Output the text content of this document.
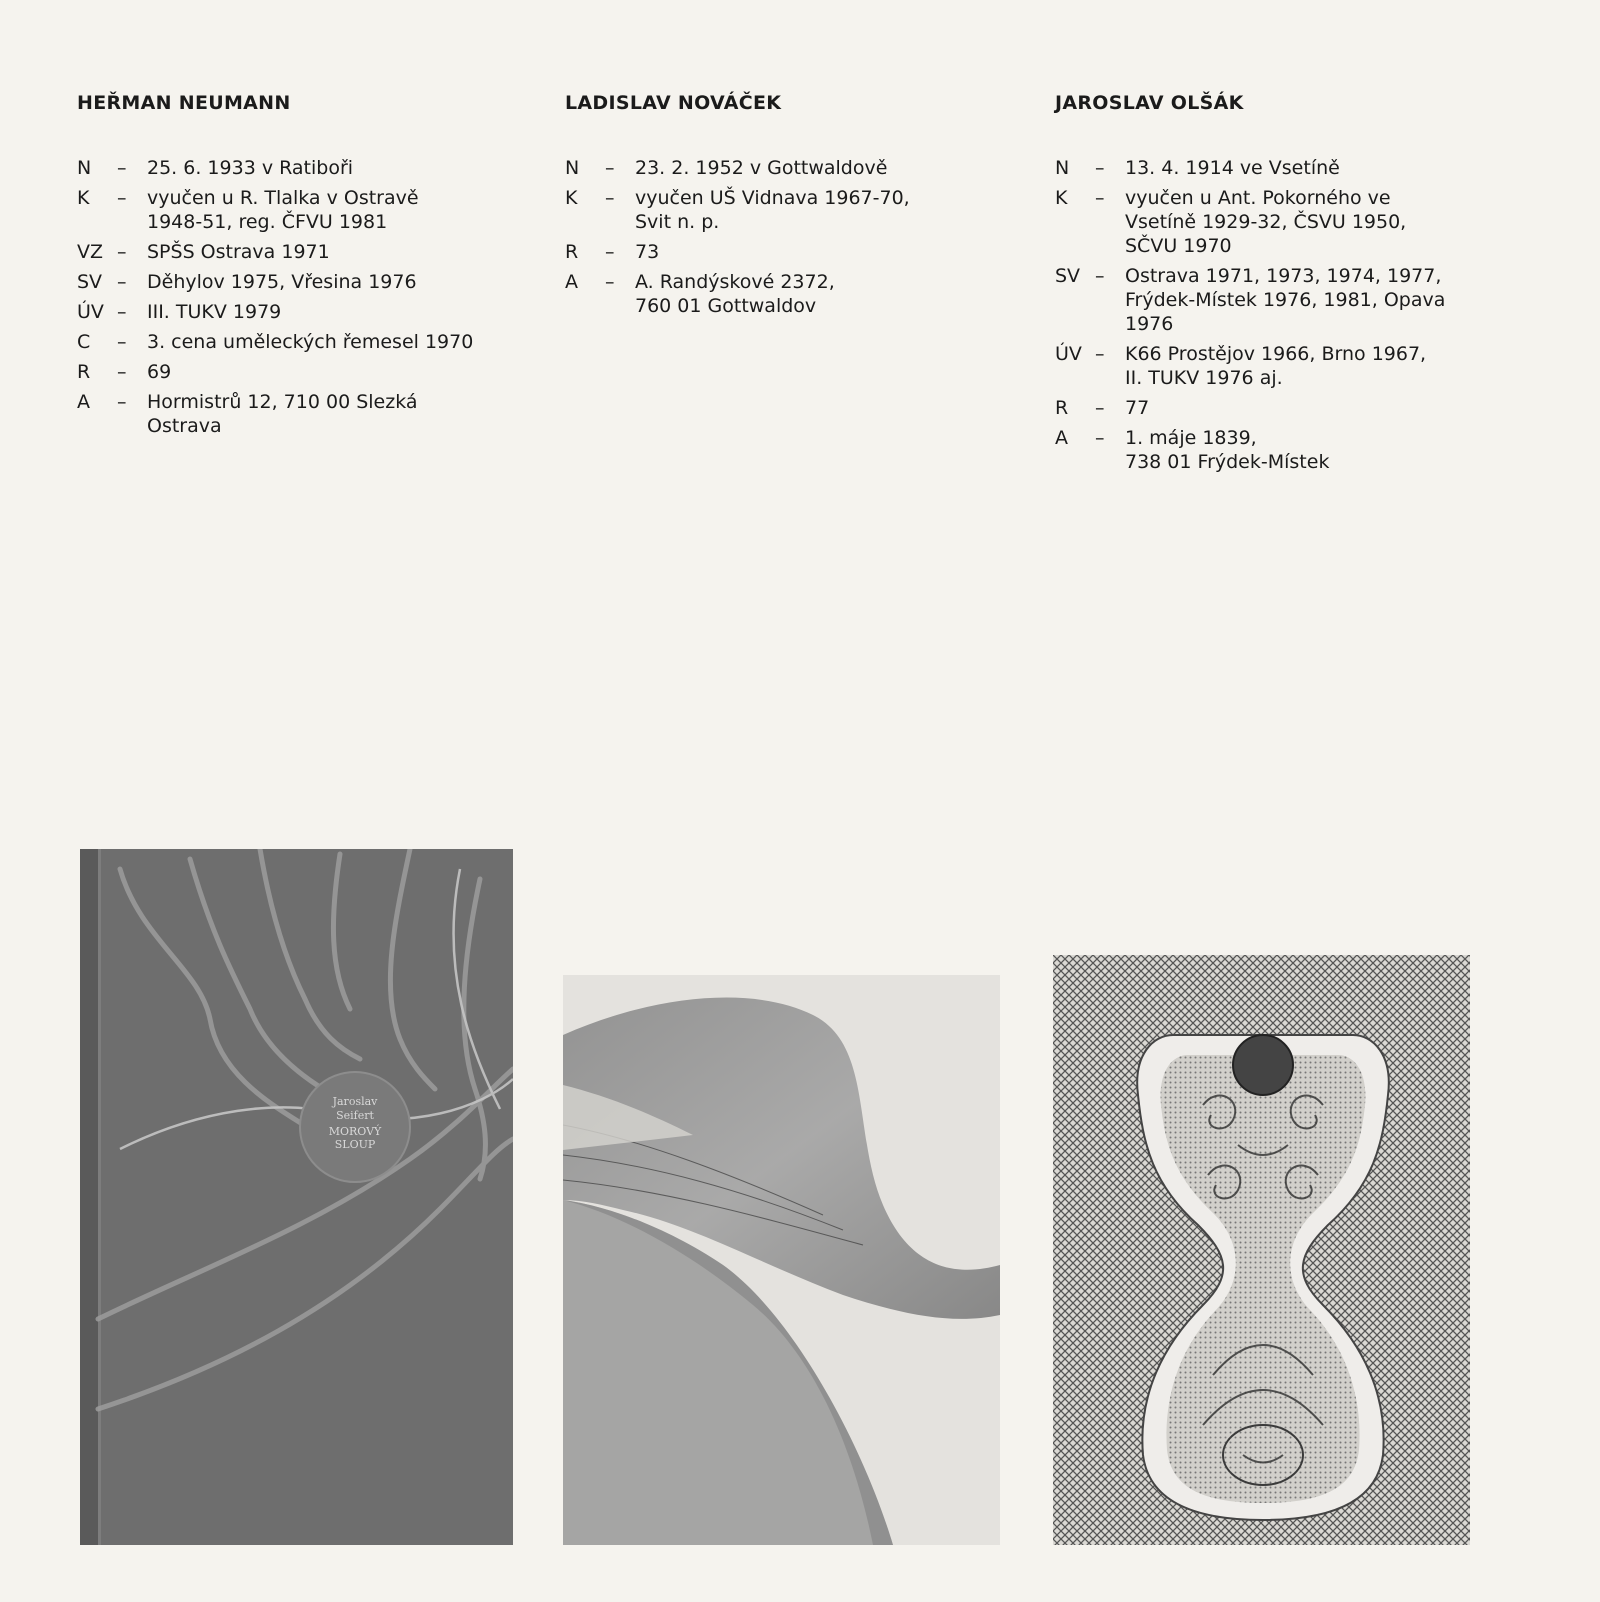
HEŘMAN NEUMANN
N	–	25. 6. 1933 v Ratiboři
K	–	vyučen u R. Tlalka v Ostravě
1948-51, reg. ČFVU 1981
VZ –	SPŠS Ostrava 1971
SV –	Děhylov 1975, Vřesina 1976
ÚV –	III. TUKV 1979
C	–	3. cena uměleckých řemesel 1970
R	–	69
A	–	Hormistrů 12, 710 00 Slezká
Ostrava
LADISLAV NOVÁČEK
N	–	23. 2. 1952 v Gottwaldově
K	–	vyučen UŠ Vidnava 1967-70,
Svit n. p.
R	–	73
A	–	A. Randýskové 2372,
760 01 Gottwaldov
JAROSLAV OLŠÁK
N	–	13. 4. 1914 ve Vsetíně
K	–	vyučen u Ant. Pokorného ve
Vsetíně 1929-32, ČSVU 1950,
SČVU 1970
SV –	Ostrava 1971, 1973, 1974, 1977,
Frýdek-Místek 1976, 1981, Opava
1976
ÚV –	K66 Prostějov 1966, Brno 1967,
II. TUKV 1976 aj.
R	–	77
A	–	1. máje 1839,
738 01 Frýdek-Místek
Jaroslav
Seifert
MOROVÝ
SLOUP
